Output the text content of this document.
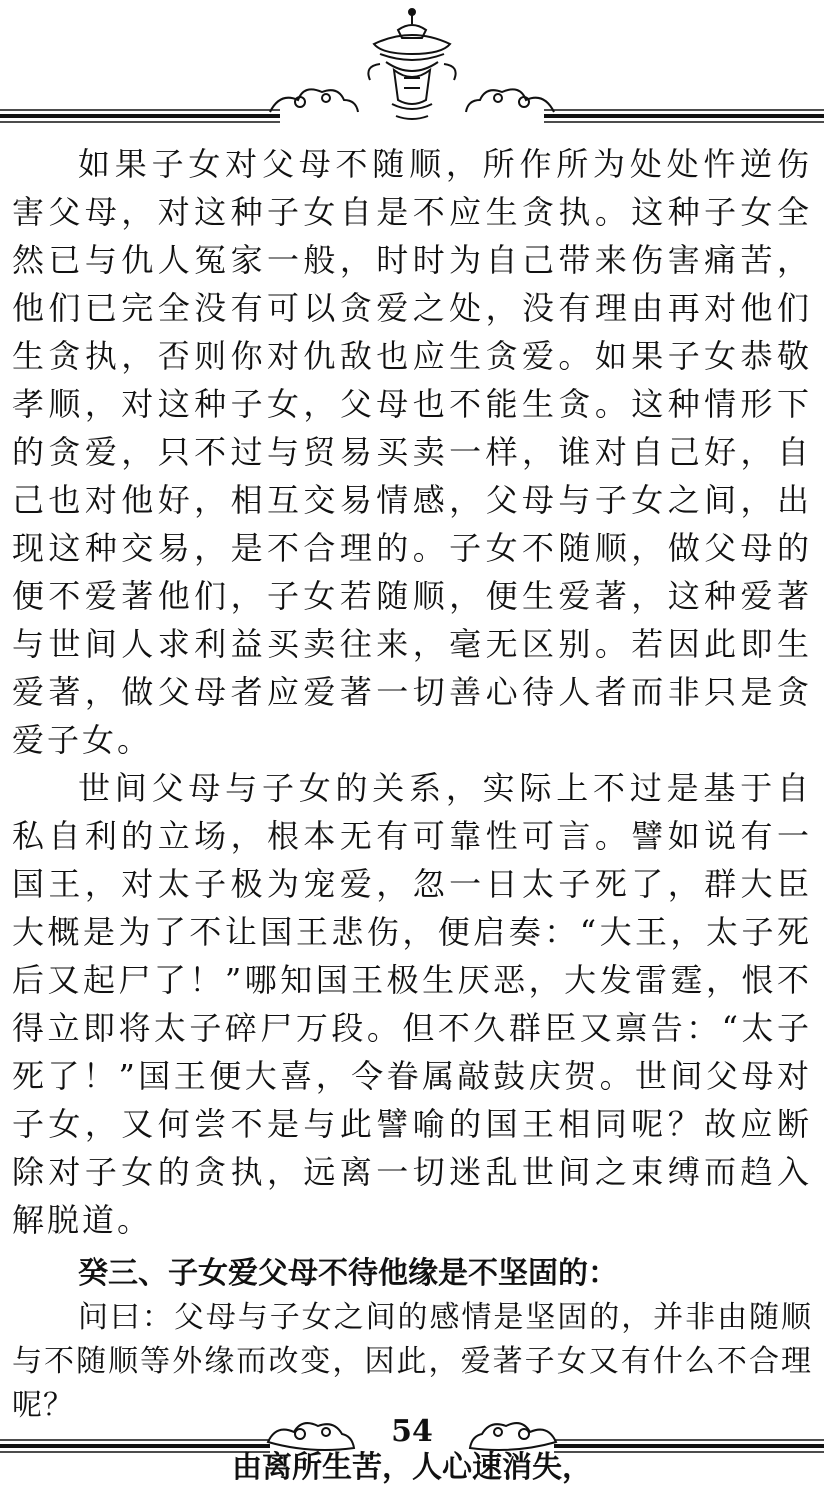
如果子女对父母不随顺，所作所为处处忤逆伤害父母，对这种子女自是不应生贪执。这种子女全然已与仇人冤家一般，时时为自己带来伤害痛苦，他们已完全没有可以贪爱之处，没有理由再对他们生贪执，否则你对仇敌也应生贪爱。如果子女恭敬孝顺，对这种子女，父母也不能生贪。这种情形下的贪爱，只不过与贸易买卖一样，谁对自己好，自己也对他好，相互交易情感，父母与子女之间，出现这种交易，是不合理的。子女不随顺，做父母的便不爱著他们，子女若随顺，便生爱著，这种爱著与世间人求利益买卖往来，毫无区别。若因此即生爱著，做父母者应爱著一切善心待人者而非只是贪爱子女。

世间父母与子女的关系，实际上不过是基于自私自利的立场，根本无有可靠性可言。譬如说有一国王，对太子极为宠爱，忽一日太子死了，群大臣大概是为了不让国王悲伤，便启奏：“大王，太子死后又起尸了！”哪知国王极生厌恶，大发雷霆，恨不得立即将太子碎尸万段。但不久群臣又禀告：“太子死了！”国王便大喜，令眷属敲鼓庆贺。世间父母对子女，又何尝不是与此譬喻的国王相同呢？故应断除对子女的贪执，远离一切迷乱世间之束缚而趋入解脱道。

癸三、子女爱父母不待他缘是不坚固的：

问曰：父母与子女之间的感情是坚固的，并非由随顺与不随顺等外缘而改变，因此，爱著子女又有什么不合理呢？

由离所生苦，人心速消失，

54
